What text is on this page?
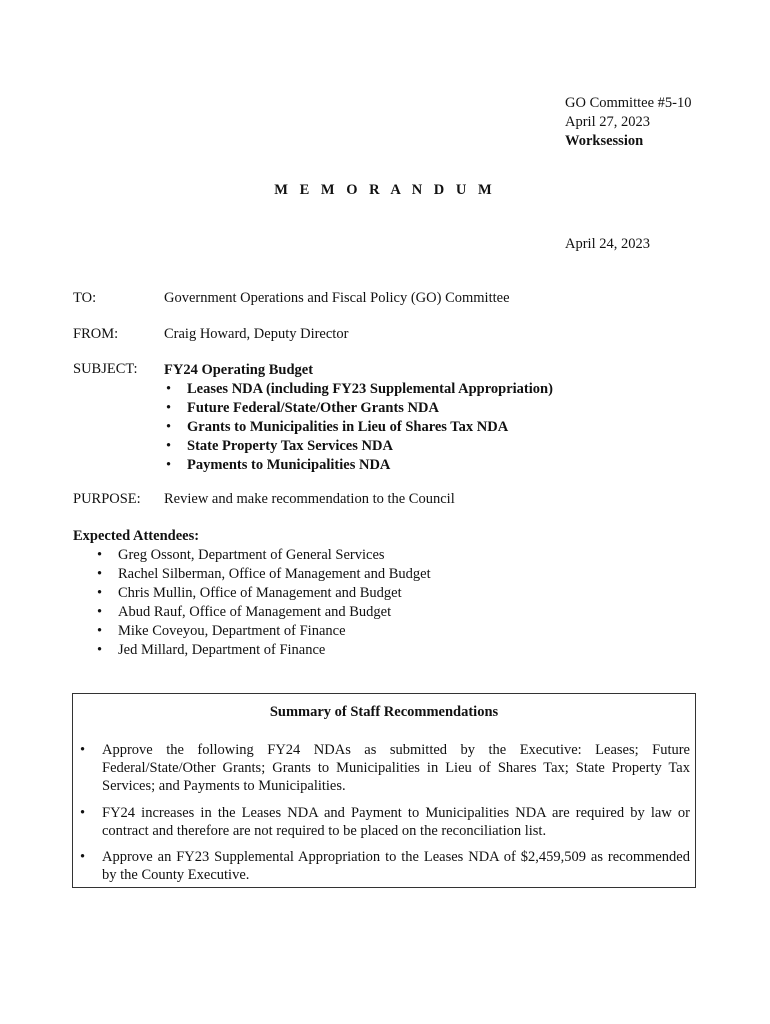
GO Committee #5-10
April 27, 2023
Worksession
M E M O R A N D U M
April 24, 2023
TO:	Government Operations and Fiscal Policy (GO) Committee
FROM:	Craig Howard, Deputy Director
SUBJECT: FY24 Operating Budget
• Leases NDA (including FY23 Supplemental Appropriation)
• Future Federal/State/Other Grants NDA
• Grants to Municipalities in Lieu of Shares Tax NDA
• State Property Tax Services NDA
• Payments to Municipalities NDA
PURPOSE: Review and make recommendation to the Council
Expected Attendees:
• Greg Ossont, Department of General Services
• Rachel Silberman, Office of Management and Budget
• Chris Mullin, Office of Management and Budget
• Abud Rauf, Office of Management and Budget
• Mike Coveyou, Department of Finance
• Jed Millard, Department of Finance
Summary of Staff Recommendations
• Approve the following FY24 NDAs as submitted by the Executive: Leases; Future Federal/State/Other Grants; Grants to Municipalities in Lieu of Shares Tax; State Property Tax Services; and Payments to Municipalities.
• FY24 increases in the Leases NDA and Payment to Municipalities NDA are required by law or contract and therefore are not required to be placed on the reconciliation list.
• Approve an FY23 Supplemental Appropriation to the Leases NDA of $2,459,509 as recommended by the County Executive.
